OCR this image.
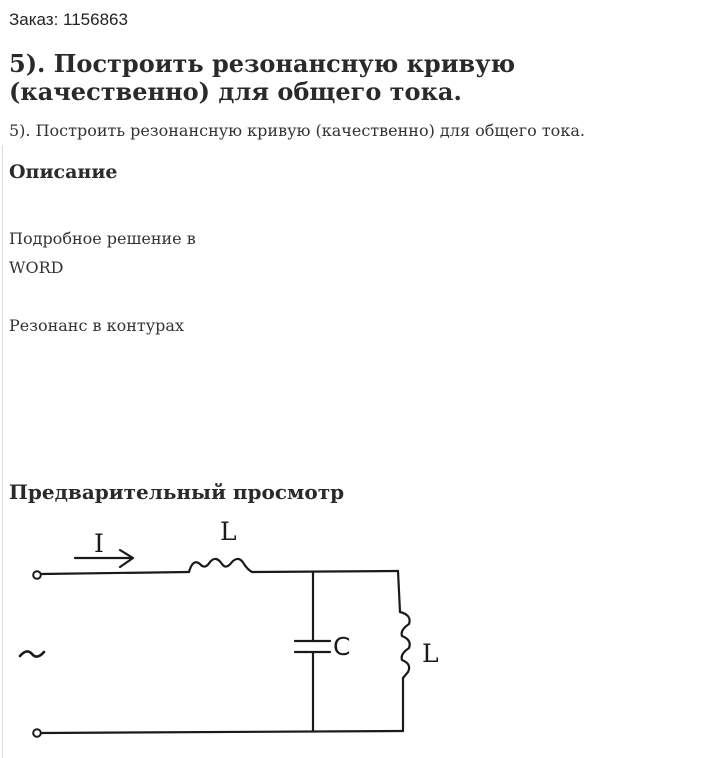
Заказ: 1156863
5). Построить резонансную кривую (качественно) для общего тока.
5). Построить резонансную кривую (качественно) для общего тока.
Описание
Подробное решение в
WORD
Резонанс в контурах
Предварительный просмотр
I	L
C	L
